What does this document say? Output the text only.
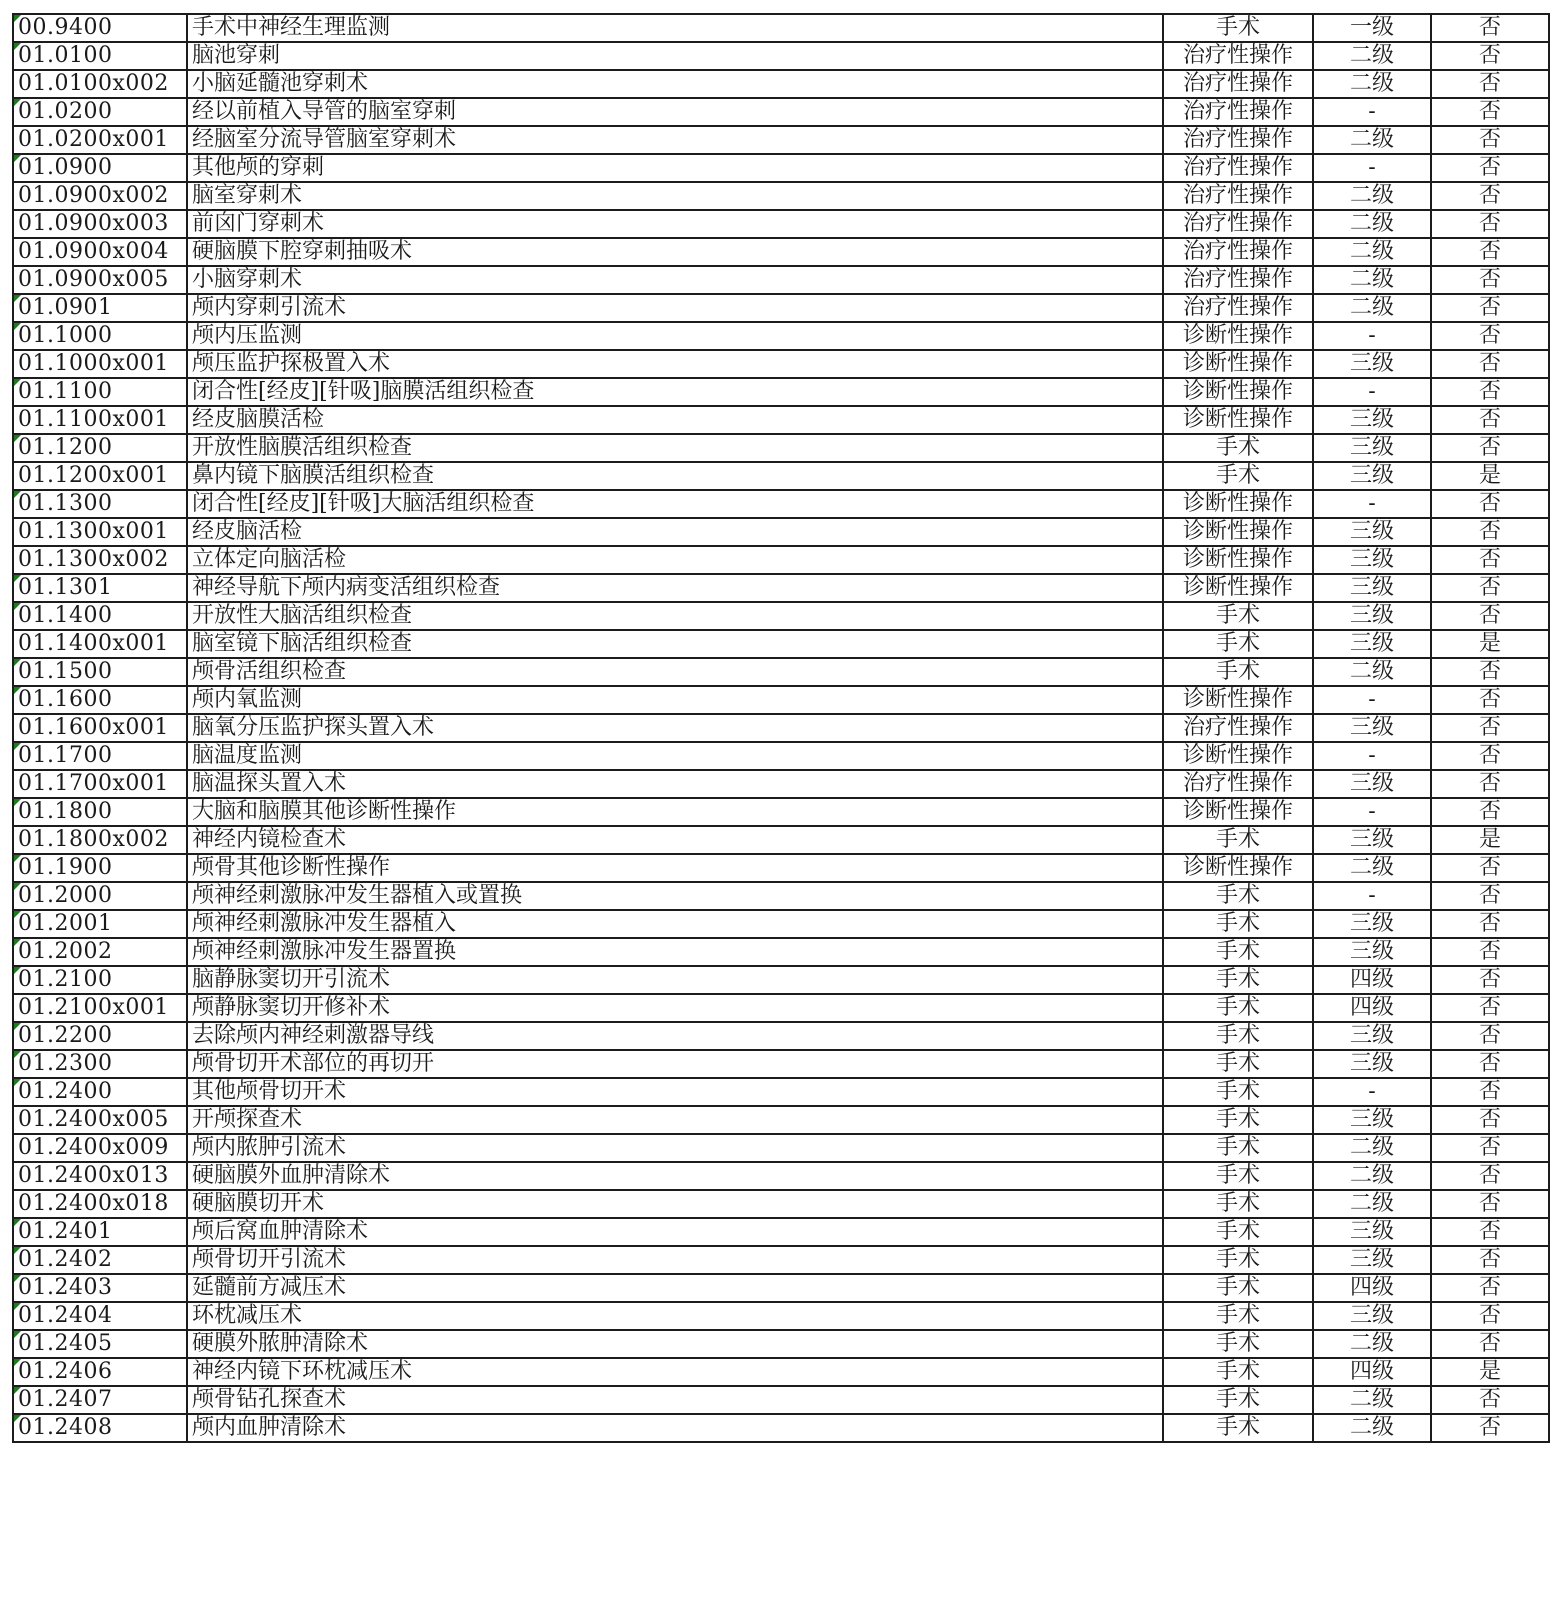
00.9400	手术中神经生理监测	手术	一级	否

01.0100	脑池穿刺	治疗性操作	二级	否
01.0100x002	小脑延髓池穿刺术	治疗性操作	二级	否

01.0200	经以前植入导管的脑室穿刺	治疗性操作	-	否
01.0200x001	经脑室分流导管脑室穿刺术	治疗性操作	二级	否

01.0900	其他颅的穿刺	治疗性操作	-	否
01.0900x002	脑室穿刺术	治疗性操作	二级	否
01.0900x003	前囟门穿刺术	治疗性操作	二级	否
01.0900x004	硬脑膜下腔穿刺抽吸术	治疗性操作	二级	否
01.0900x005	小脑穿刺术	治疗性操作	二级	否

01.0901	颅内穿刺引流术	治疗性操作	二级	否

01.1000	颅内压监测	诊断性操作	-	否
01.1000x001	颅压监护探极置入术	诊断性操作	三级	否

01.1100	闭合性[经皮][针吸]脑膜活组织检查	诊断性操作	-	否
01.1100x001	经皮脑膜活检	诊断性操作	三级	否

01.1200	开放性脑膜活组织检查	手术	三级	否
01.1200x001	鼻内镜下脑膜活组织检查	手术	三级	是

01.1300	闭合性[经皮][针吸]大脑活组织检查	诊断性操作	-	否
01.1300x001	经皮脑活检	诊断性操作	三级	否
01.1300x002	立体定向脑活检	诊断性操作	三级	否

01.1301	神经导航下颅内病变活组织检查	诊断性操作	三级	否

01.1400	开放性大脑活组织检查	手术	三级	否
01.1400x001	脑室镜下脑活组织检查	手术	三级	是

01.1500	颅骨活组织检查	手术	二级	否

01.1600	颅内氧监测	诊断性操作	-	否
01.1600x001	脑氧分压监护探头置入术	治疗性操作	三级	否

01.1700	脑温度监测	诊断性操作	-	否
01.1700x001	脑温探头置入术	治疗性操作	三级	否

01.1800	大脑和脑膜其他诊断性操作	诊断性操作	-	否
01.1800x002	神经内镜检查术	手术	三级	是

01.1900	颅骨其他诊断性操作	诊断性操作	二级	否

01.2000	颅神经刺激脉冲发生器植入或置换	手术	-	否

01.2001	颅神经刺激脉冲发生器植入	手术	三级	否

01.2002	颅神经刺激脉冲发生器置换	手术	三级	否

01.2100	脑静脉窦切开引流术	手术	四级	否
01.2100x001	颅静脉窦切开修补术	手术	四级	否

01.2200	去除颅内神经刺激器导线	手术	三级	否

01.2300	颅骨切开术部位的再切开	手术	三级	否

01.2400	其他颅骨切开术	手术	-	否
01.2400x005	开颅探查术	手术	三级	否
01.2400x009	颅内脓肿引流术	手术	二级	否
01.2400x013	硬脑膜外血肿清除术	手术	二级	否
01.2400x018	硬脑膜切开术	手术	二级	否

01.2401	颅后窝血肿清除术	手术	三级	否

01.2402	颅骨切开引流术	手术	三级	否

01.2403	延髓前方减压术	手术	四级	否

01.2404	环枕减压术	手术	三级	否

01.2405	硬膜外脓肿清除术	手术	二级	否

01.2406	神经内镜下环枕减压术	手术	四级	是

01.2407	颅骨钻孔探查术	手术	二级	否

01.2408	颅内血肿清除术	手术	二级	否
